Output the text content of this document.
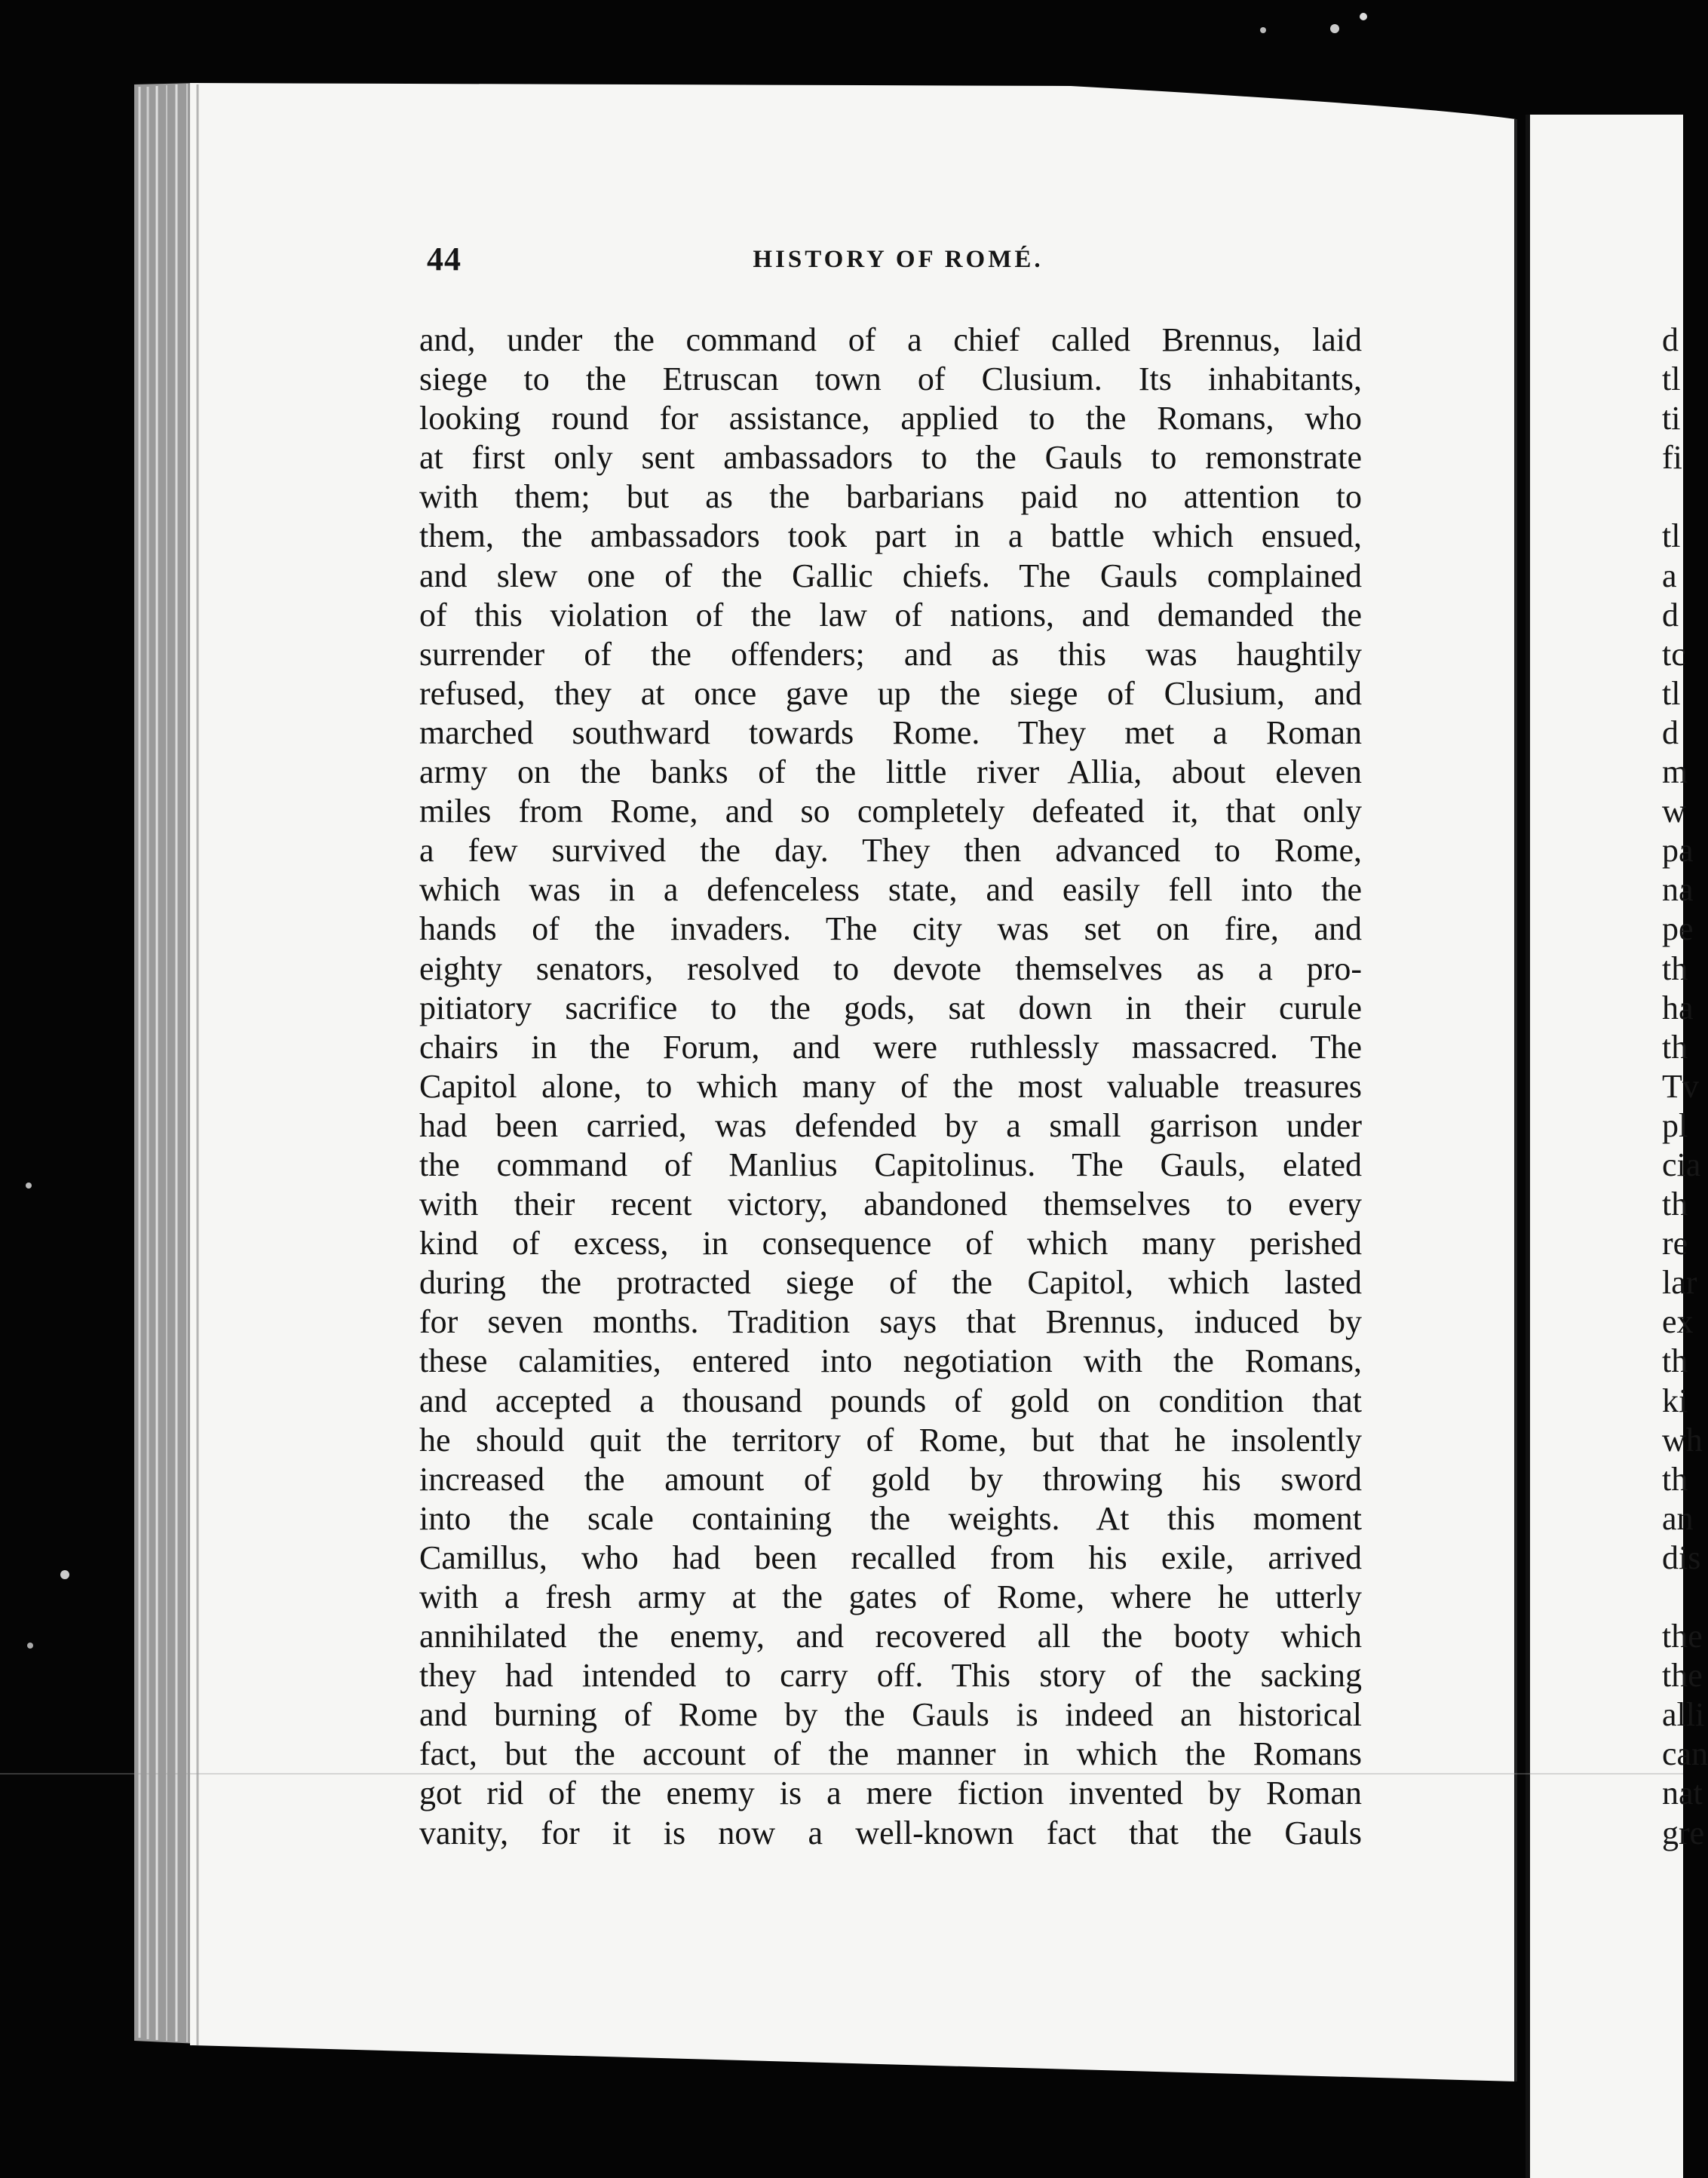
44	HISTORY OF ROMÉ.
and, under the command of a chief called Brennus, laid
siege to the Etruscan town of Clusium. Its inhabitants,
looking round for assistance, applied to the Romans, who
at first only sent ambassadors to the Gauls to remonstrate
with them; but as the barbarians paid no attention to
them, the ambassadors took part in a battle which ensued,
and slew one of the Gallic chiefs. The Gauls complained
of this violation of the law of nations, and demanded the
surrender of the offenders; and as this was haughtily
refused, they at once gave up the siege of Clusium, and
marched southward towards Rome. They met a Roman
army on the banks of the little river Allia, about eleven
miles from Rome, and so completely defeated it, that only
a few survived the day. They then advanced to Rome,
which was in a defenceless state, and easily fell into the
hands of the invaders. The city was set on fire, and
eighty senators, resolved to devote themselves as a pro-
pitiatory sacrifice to the gods, sat down in their curule
chairs in the Forum, and were ruthlessly massacred. The
Capitol alone, to which many of the most valuable treasures
had been carried, was defended by a small garrison under
the command of Manlius Capitolinus. The Gauls, elated
with their recent victory, abandoned themselves to every
kind of excess, in consequence of which many perished
during the protracted siege of the Capitol, which lasted
for seven months. Tradition says that Brennus, induced by
these calamities, entered into negotiation with the Romans,
and accepted a thousand pounds of gold on condition that
he should quit the territory of Rome, but that he insolently
increased the amount of gold by throwing his sword
into the scale containing the weights. At this moment
Camillus, who had been recalled from his exile, arrived
with a fresh army at the gates of Rome, where he utterly
annihilated the enemy, and recovered all the booty which
they had intended to carry off. This story of the sacking
and burning of Rome by the Gauls is indeed an historical
fact, but the account of the manner in which the Romans
got rid of the enemy is a mere fiction invented by Roman
vanity, for it is now a well-known fact that the Gauls
d
tl
ti
fi
tl
a
d
tc
tl
d
m
w
pa
na
pe
th
ha
th
Tv
pl
cia
th
re
lar
ex
th
ki
wh
th
an
dis
the
the
alli
can
nat
gre
